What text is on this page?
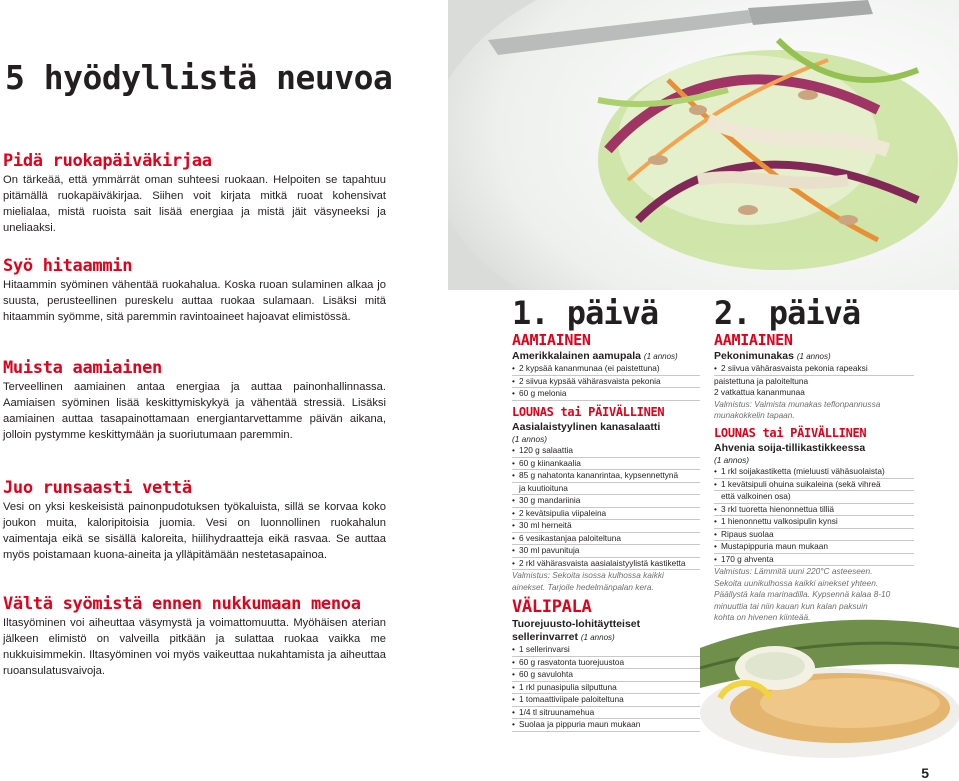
5 hyödyllistä neuvoa
Pidä ruokapäiväkirjaa

On tärkeää, että ymmärrät oman suhteesi ruokaan. Helpoiten se tapahtuu pitämällä ruokapäiväkirjaa. Siihen voit kirjata mitkä ruoat kohensivat mielialaa, mistä ruoista sait lisää energiaa ja mistä jäit väsyneeksi ja uneliaaksi.

Syö hitaammin

Hitaammin syöminen vähentää ruokahalua. Koska ruoan sulaminen alkaa jo suusta, perusteellinen pureskelu auttaa ruokaa sulamaan. Lisäksi mitä hitaammin syömme, sitä paremmin ravintoaineet hajoavat elimistössä.

Muista aamiainen

Terveellinen aamiainen antaa energiaa ja auttaa painonhallinnassa. Aamiaisen syöminen lisää keskittymiskykyä ja vähentää stressiä. Lisäksi aamiainen auttaa tasapainottamaan energiantarvettamme päivän aikana, jolloin pystymme keskittymään ja suoriutumaan paremmin.

Juo runsaasti vettä

Vesi on yksi keskeisistä painonpudotuksen työkaluista, sillä se korvaa koko joukon muita, kaloripitoisia juomia. Vesi on luonnollinen ruokahalun vaimentaja eikä se sisällä kaloreita, hiilihydraatteja eikä rasvaa. Se auttaa myös poistamaan kuona-aineita ja ylläpitämään nestetasapainoa.

Vältä syömistä ennen nukkumaan menoa

Iltasyöminen voi aiheuttaa väsymystä ja voimattomuutta. Myöhäisen aterian jälkeen elimistö on valveilla pitkään ja sulattaa ruokaa vaikka me nukkuisimmekin. Iltasyöminen voi myös vaikeuttaa nukahtamista ja aiheuttaa ruoansulatusvaivoja.

1. päivä
AAMIAINEN

Amerikkalainen aamupala (1 annos)

• 2 kypsää kananmunaa (ei paistettuna)
• 2 siivua kypsää vähärasvaista pekonia
• 60 g melonia
LOUNAS tai PÄIVÄLLINEN

Aasialaistyylinen kanasalaatti

(1 annos)

• 120 g salaattia
• 60 g kiinankaalia
• 85 g nahatonta kananrintaa, kypsennettynä
ja kuutioituna
• 30 g mandariinia
• 2 kevätsipulia viipaleina
• 30 ml herneitä
• 6 vesikastanjaa paloiteltuna
• 30 ml pavunituja
• 2 rkl vähärasvaista aasialaistyylistä kastiketta

Valmistus: Sekoita isossa kulhossa kaikki

ainekset. Tarjoile hedelmänpalan kera.

VÄLIPALA

Tuorejuusto-lohitäytteiset

sellerinvarret (1 annos)

• 1 sellerinvarsi
• 60 g rasvatonta tuorejuustoa
• 60 g savulohta
• 1 rkl punasipulia silputtuna
• 1 tomaattiviipale paloiteltuna
• 1/4 tl sitruunamehua
• Suolaa ja pippuria maun mukaan
2. päivä
AAMIAINEN

Pekonimunakas (1 annos)

• 2 siivua vähärasvaista pekonia rapeaksi

paistettuna ja paloiteltuna

2 vatkattua kananmunaa

Valmistus: Valmista munakas teflonpannussa

munakokkelin tapaan.

LOUNAS tai PÄIVÄLLINEN

Ahvenia soija-tillikastikkeessa

(1 annos)

• 1 rkl soijakastiketta (mieluusti vähäsuolaista)
• 1 kevätsipuli ohuina suikaleina (sekä vihreä
että valkoinen osa)
• 3 rkl tuoretta hienonnettua tilliä
• 1 hienonnettu valkosipulin kynsi
• Ripaus suolaa
• Mustapippuria maun mukaan
• 170 g ahventa

Valmistus: Lämmitä uuni 220°C asteeseen.

Sekoita uunikulhossa kaikki ainekset yhteen.

Päällystä kala marinadilla. Kypsennä kalaa 8-10

minuuttia tai niin kauan kun kalan paksuin

kohta on hivenen kiinteää.

5
